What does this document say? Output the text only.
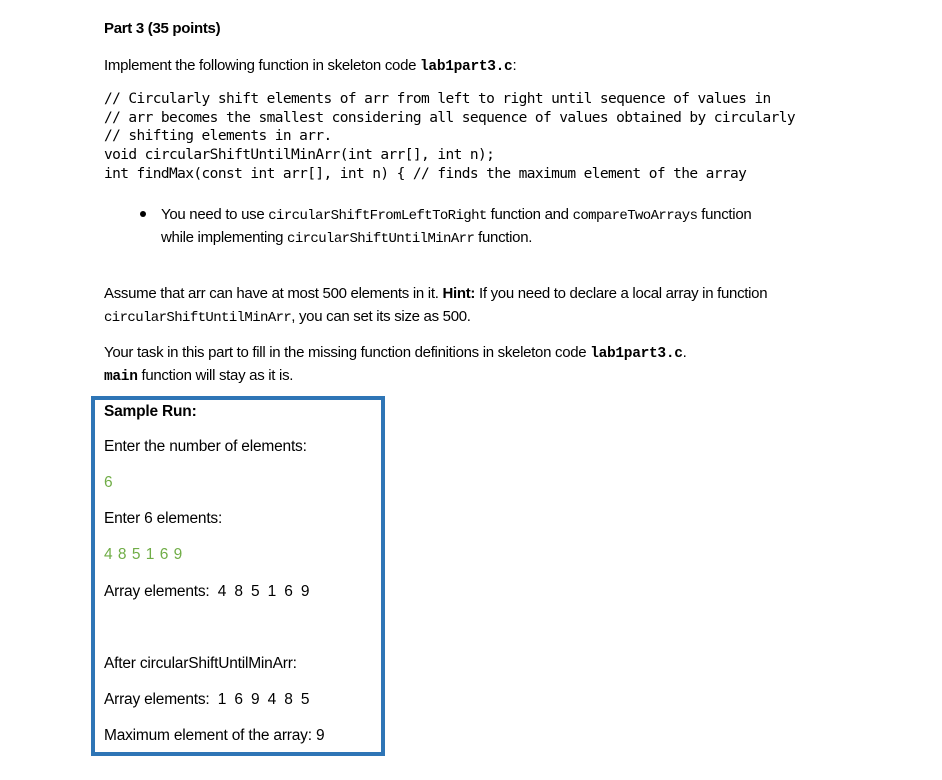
Part 3 (35 points)
Implement the following function in skeleton code lab1part3.c:
// Circularly shift elements of arr from left to right until sequence of values in
// arr becomes the smallest considering all sequence of values obtained by circularly
// shifting elements in arr.
void circularShiftUntilMinArr(int arr[], int n);
int findMax(const int arr[], int n) { // finds the maximum element of the array
You need to use circularShiftFromLeftToRight function and compareTwoArrays function
while implementing circularShiftUntilMinArr function.
Assume that arr can have at most 500 elements in it. Hint: If you need to declare a local array in function
circularShiftUntilMinArr, you can set its size as 500.
Your task in this part to fill in the missing function definitions in skeleton code lab1part3.c.
main function will stay as it is.
Sample Run:
Enter the number of elements:
6
Enter 6 elements:
4 8 5 1 6 9
Array elements:  4  8  5  1  6  9
After circularShiftUntilMinArr:
Array elements:  1  6  9  4  8  5
Maximum element of the array: 9
